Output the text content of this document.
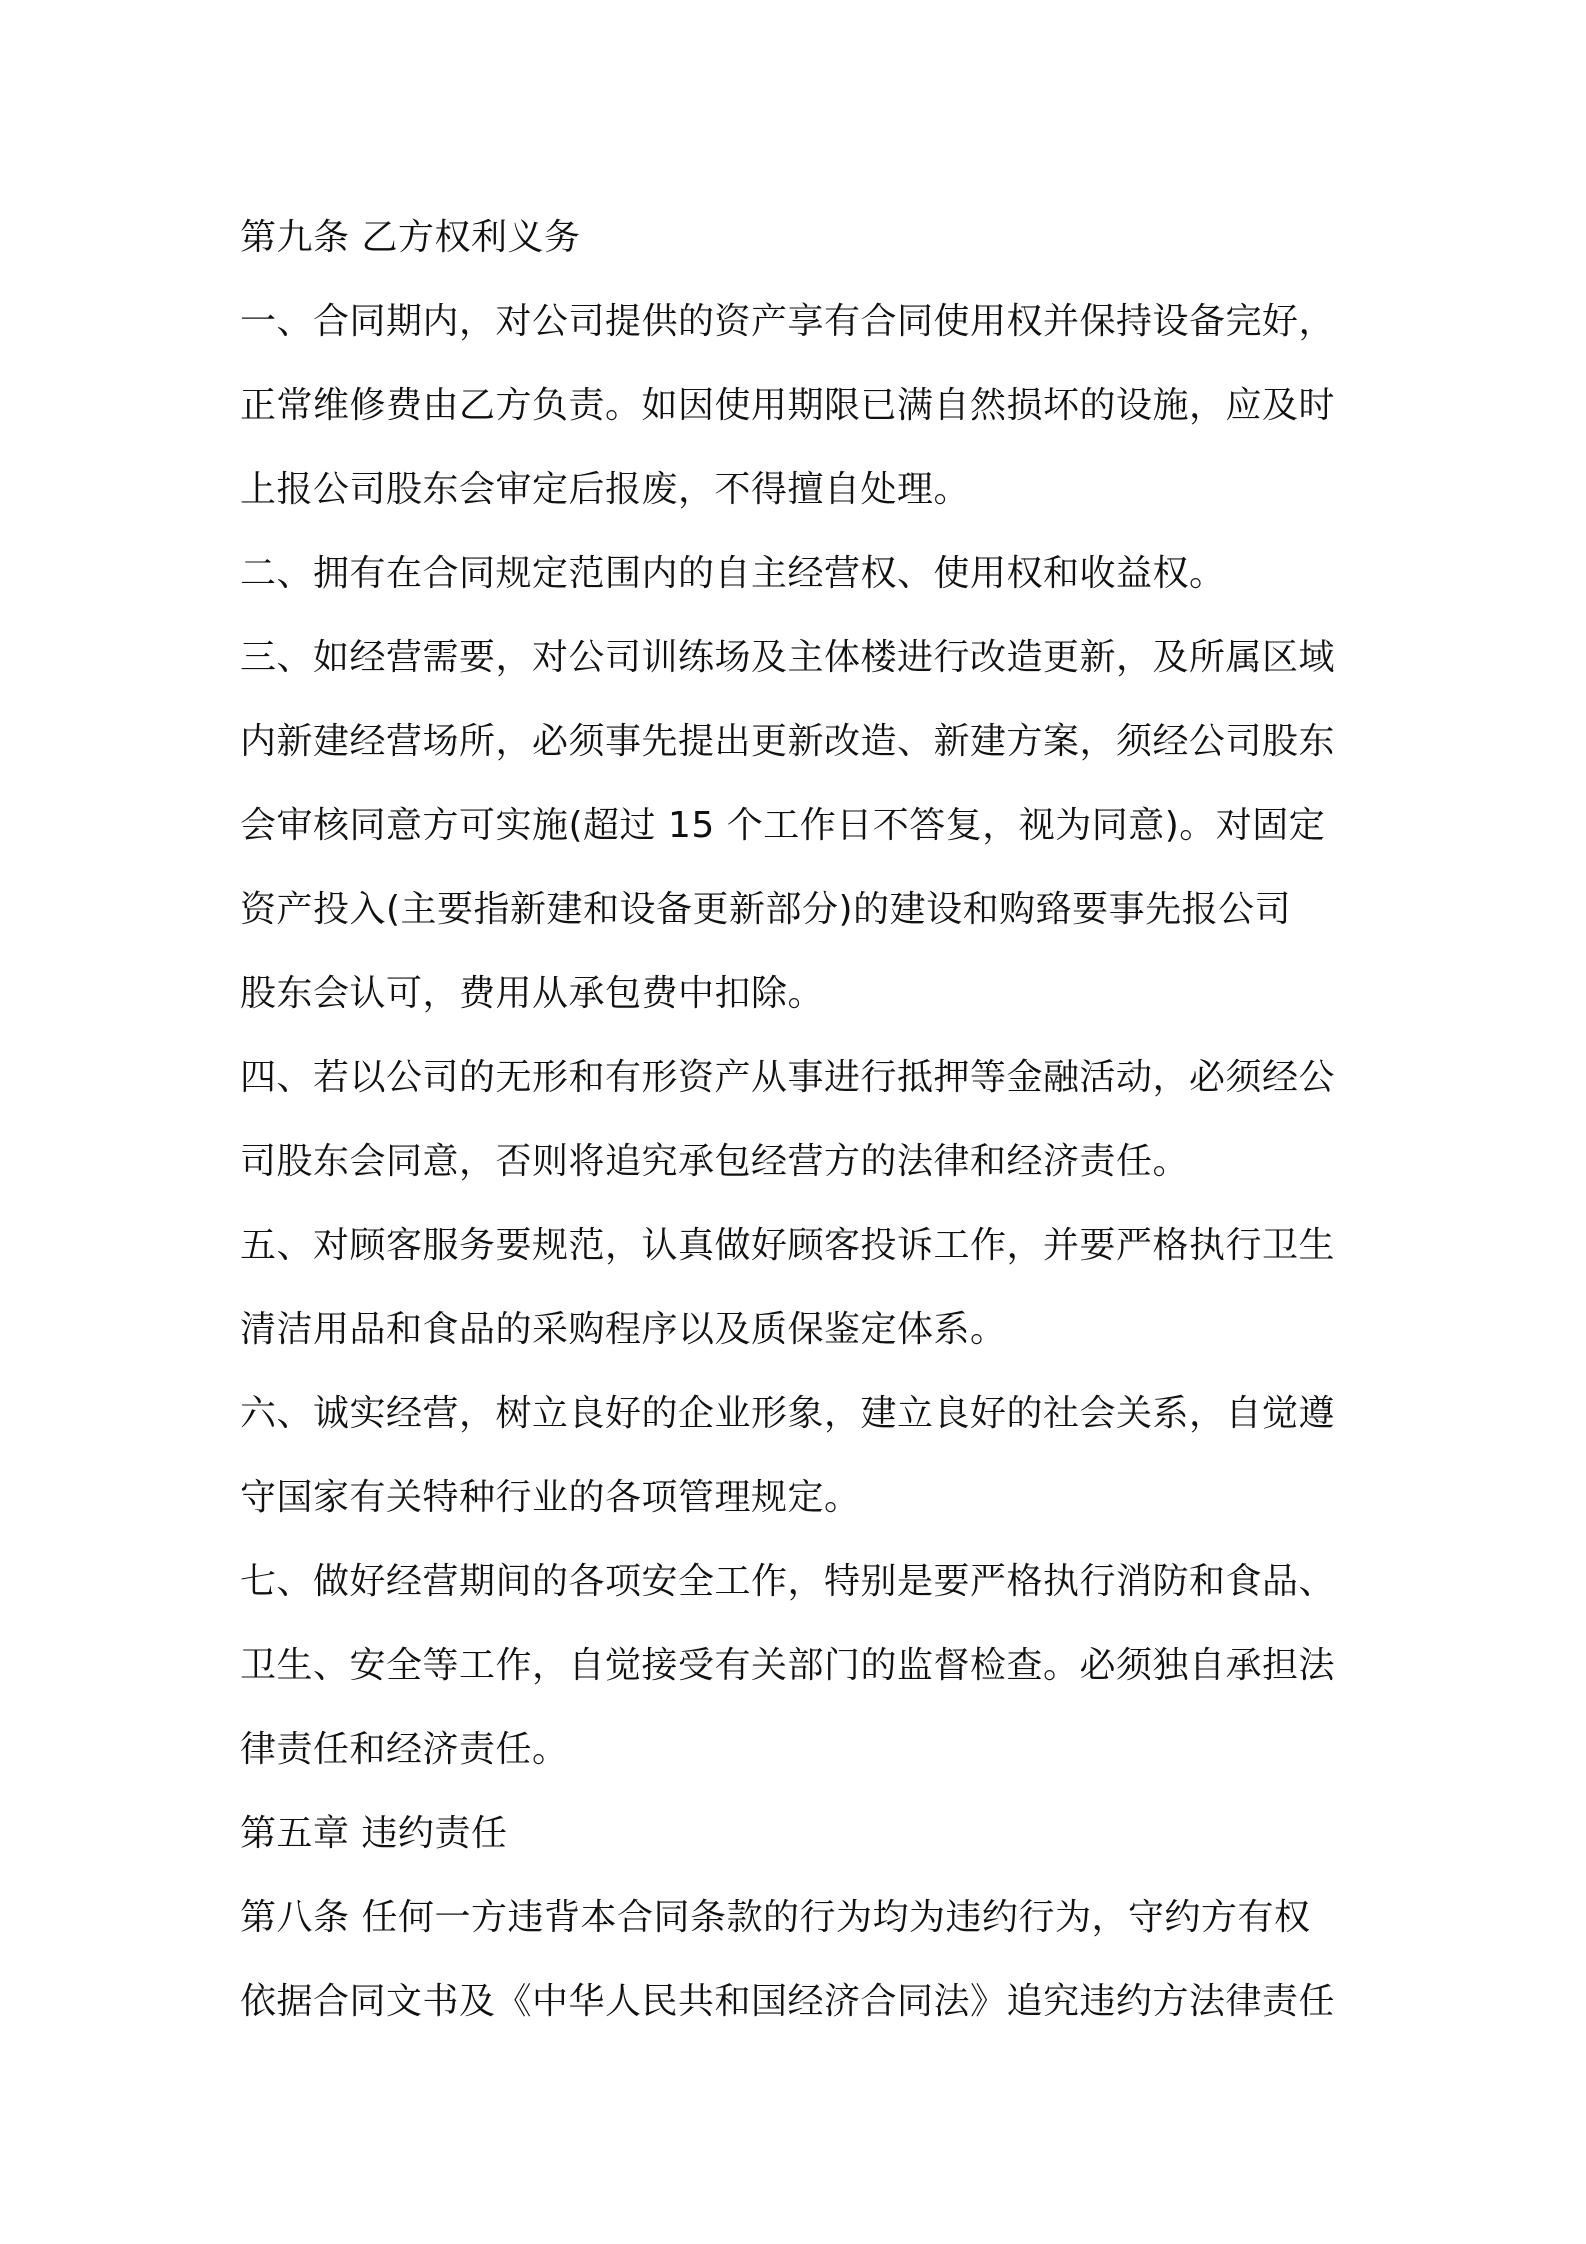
第九条 乙方权利义务
一、合同期内，对公司提供的资产享有合同使用权并保持设备完好，
正常维修费由乙方负责。如因使用期限已满自然损坏的设施，应及时
上报公司股东会审定后报废，不得擅自处理。
二、拥有在合同规定范围内的自主经营权、使用权和收益权。
三、如经营需要，对公司训练场及主体楼进行改造更新，及所属区域
内新建经营场所，必须事先提出更新改造、新建方案，须经公司股东
会审核同意方可实施(超过 15 个工作日不答复，视为同意)。对固定
资产投入(主要指新建和设备更新部分)的建设和购臵要事先报公司
股东会认可，费用从承包费中扣除。
四、若以公司的无形和有形资产从事进行抵押等金融活动，必须经公
司股东会同意，否则将追究承包经营方的法律和经济责任。
五、对顾客服务要规范，认真做好顾客投诉工作，并要严格执行卫生
清洁用品和食品的采购程序以及质保鉴定体系。
六、诚实经营，树立良好的企业形象，建立良好的社会关系，自觉遵
守国家有关特种行业的各项管理规定。
七、做好经营期间的各项安全工作，特别是要严格执行消防和食品、
卫生、安全等工作，自觉接受有关部门的监督检查。必须独自承担法
律责任和经济责任。
第五章 违约责任
第八条 任何一方违背本合同条款的行为均为违约行为，守约方有权
依据合同文书及《中华人民共和国经济合同法》追究违约方法律责任
